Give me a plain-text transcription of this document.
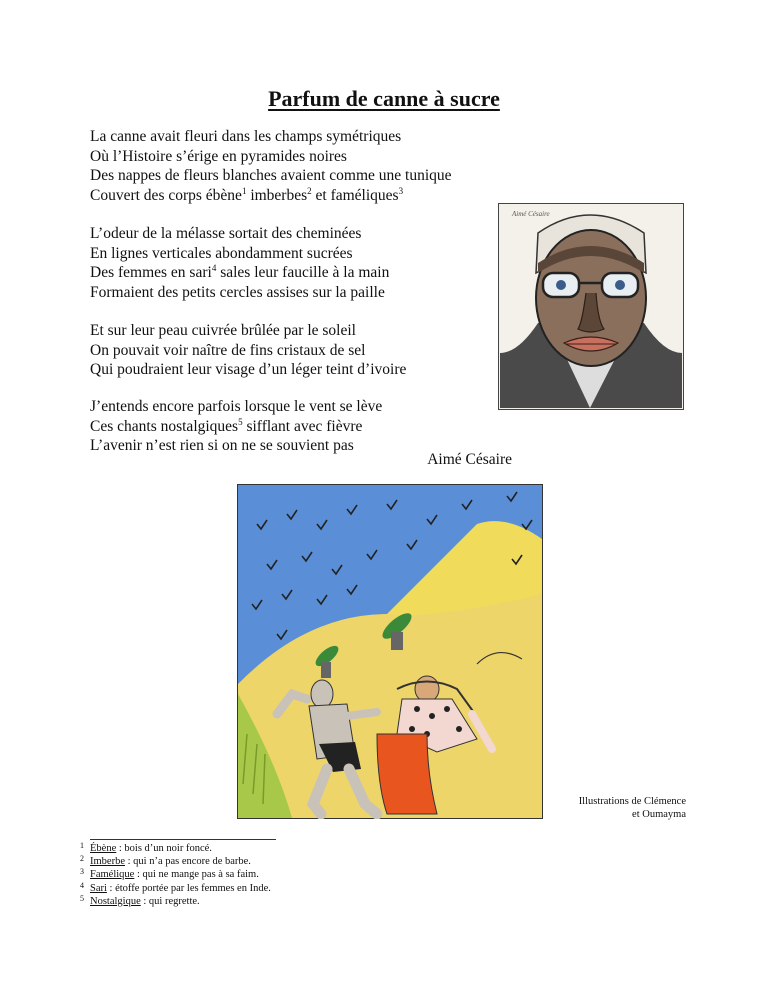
Parfum de canne à sucre
La canne avait fleuri dans les champs symétriques
Où l’Histoire s’érige en pyramides noires
Des nappes de fleurs blanches avaient comme une tunique
Couvert des corps ébène$^1$ imberbes$^2$ et faméliques$^3$
L’odeur de la mélasse sortait des cheminées
En lignes verticales abondamment sucrées
Des femmes en sari$^4$ sales leur faucille à la main
Formaient des petits cercles assises sur la paille
Et sur leur peau cuivrée brûlée par le soleil
On pouvait voir naître de fins cristaux de sel
Qui poudraient leur visage d’un léger teint d’ivoire
J’entends encore parfois lorsque le vent se lève
Ces chants nostalgiques$^5$ sifflant avec fièvre
L’avenir n’est rien si on ne se souvient pas
Aimé Césaire
Aimé Césaire
Illustrations de Clémence
et Oumayma
1 Ébène : bois d’un noir foncé.
2 Imberbe : qui n’a pas encore de barbe.
3 Famélique : qui ne mange pas à sa faim.
4 Sari : étoffe portée par les femmes en Inde.
5 Nostalgique : qui regrette.
